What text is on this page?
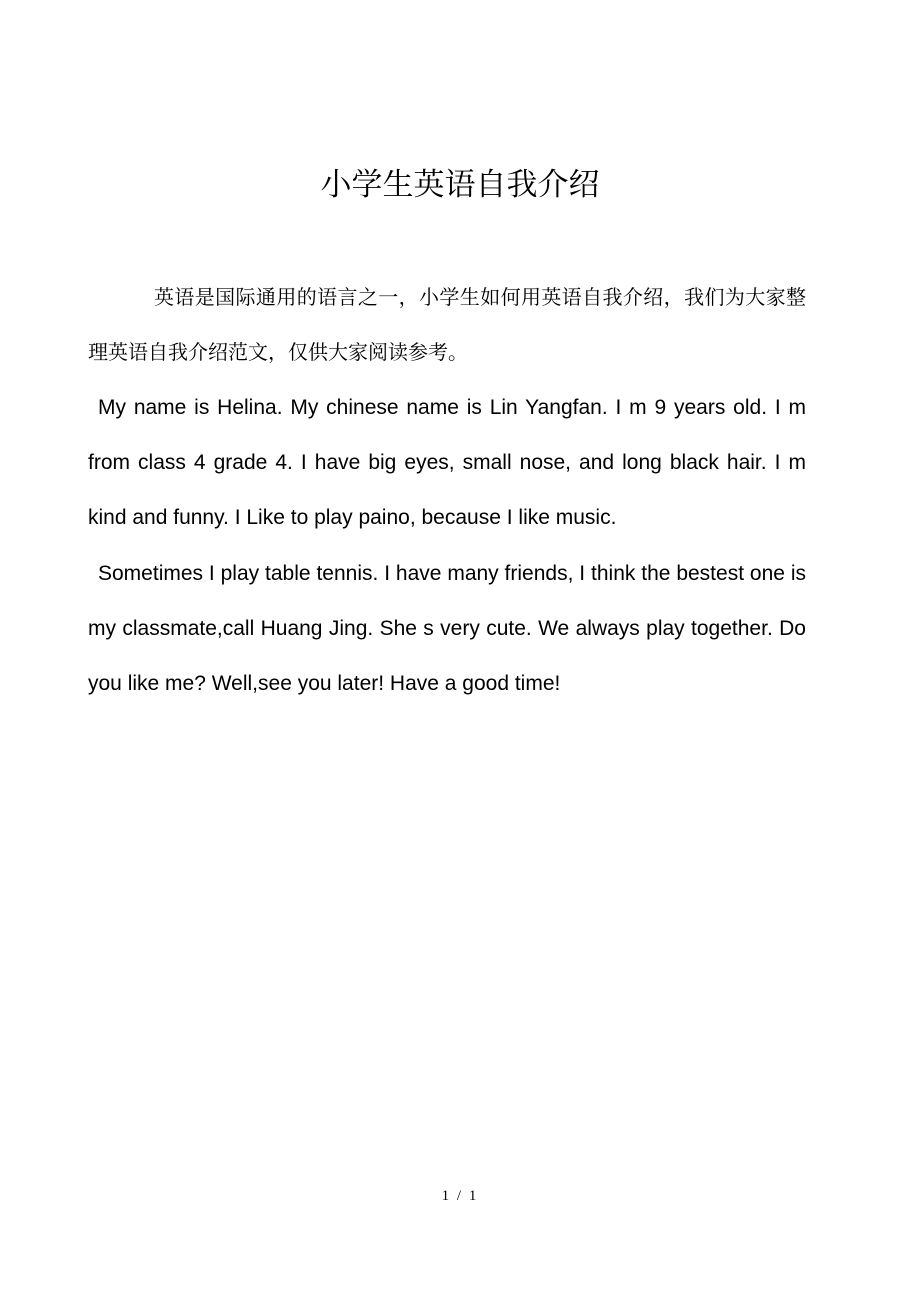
小学生英语自我介绍

英语是国际通用的语言之一，小学生如何用英语自我介绍，我们为大家整理英语自我介绍范文，仅供大家阅读参考。

My name is Helina. My chinese name is Lin Yangfan. I m 9 years old. I m from class 4 grade 4. I have big eyes, small nose, and long black hair. I m kind and funny. I Like to play paino, because I like music.

Sometimes I play table tennis. I have many friends, I think the bestest one is my classmate,call Huang Jing. She s very cute. We always play together. Do you like me? Well,see you later! Have a good time!

1 / 1
